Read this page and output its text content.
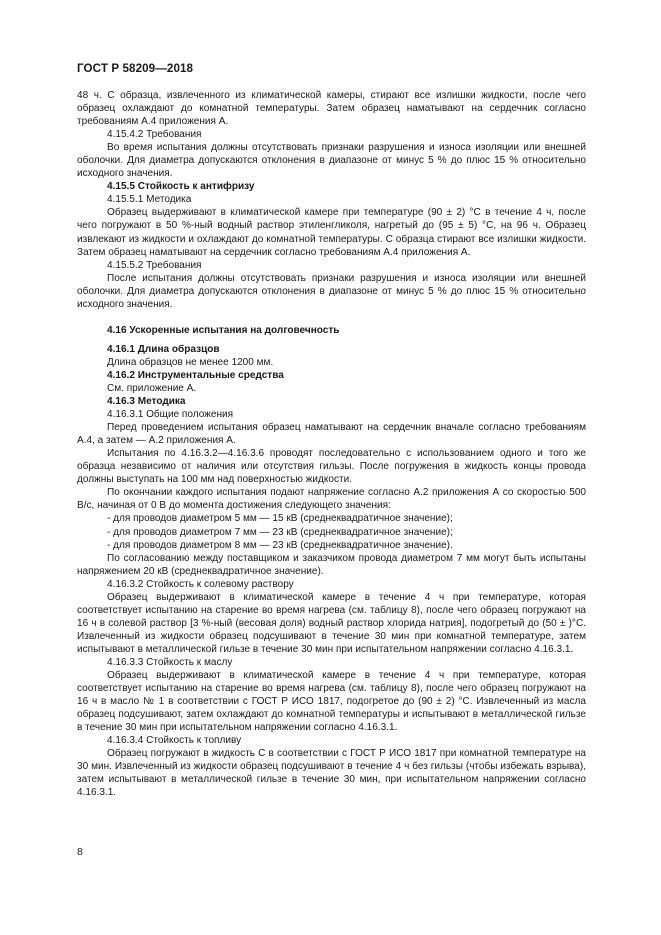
ГОСТ Р 58209—2018

48 ч. С образца, извлеченного из климатической камеры, стирают все излишки жидкости, после чего образец охлаждают до комнатной температуры. Затем образец наматывают на сердечник согласно требованиям А.4 приложения А.

4.15.4.2 Требования

Во время испытания должны отсутствовать признаки разрушения и износа изоляции или внешней оболочки. Для диаметра допускаются отклонения в диапазоне от минус 5 % до плюс 15 % относительно исходного значения.

4.15.5 Стойкость к антифризу

4.15.5.1 Методика

Образец выдерживают в климатической камере при температуре (90 ± 2) °С в течение 4 ч, после чего погружают в 50 %-ный водный раствор этиленгликоля, нагретый до (95 ± 5) °С, на 96 ч. Образец извлекают из жидкости и охлаждают до комнатной температуры. С образца стирают все излишки жидкости. Затем образец наматывают на сердечник согласно требованиям А.4 приложения А.

4.15.5.2 Требования

После испытания должны отсутствовать признаки разрушения и износа изоляции или внешней оболочки. Для диаметра допускаются отклонения в диапазоне от минус 5 % до плюс 15 % относительно исходного значения.

4.16 Ускоренные испытания на долговечность

4.16.1 Длина образцов

Длина образцов не менее 1200 мм.

4.16.2 Инструментальные средства

См. приложение А.

4.16.3 Методика

4.16.3.1 Общие положения

Перед проведением испытания образец наматывают на сердечник вначале согласно требованиям А.4, а затем — А.2 приложения А.

Испытания по 4.16.3.2—4.16.3.6 проводят последовательно с использованием одного и того же образца независимо от наличия или отсутствия гильзы. После погружения в жидкость концы провода должны выступать на 100 мм над поверхностью жидкости.

По окончании каждого испытания подают напряжение согласно А.2 приложения А со скоростью 500 В/с, начиная от 0 В до момента достижения следующего значения:

- для проводов диаметром 5 мм — 15 кВ (среднеквадратичное значение);

- для проводов диаметром 7 мм — 23 кВ (среднеквадратичное значение);

- для проводов диаметром 8 мм — 23 кВ (среднеквадратичное значение).

По согласованию между поставщиком и заказчиком провода диаметром 7 мм могут быть испытаны напряжением 20 кВ (среднеквадратичное значение).

4.16.3.2 Стойкость к солевому раствору

Образец выдерживают в климатической камере в течение 4 ч при температуре, которая соответствует испытанию на старение во время нагрева (см. таблицу 8), после чего образец погружают на 16 ч в солевой раствор [3 %-ный (весовая доля) водный раствор хлорида натрия], подогретый до (50 ± )°С. Извлеченный из жидкости образец подсушивают в течение 30 мин при комнатной температуре, затем испытывают в металлической гильзе в течение 30 мин при испытательном напряжении согласно 4.16.3.1.

4.16.3.3 Стойкость к маслу

Образец выдерживают в климатической камере в течение 4 ч при температуре, которая соответствует испытанию на старение во время нагрева (см. таблицу 8), после чего образец погружают на 16 ч в масло № 1 в соответствии с ГОСТ Р ИСО 1817, подогретое до (90 ± 2) °С. Извлеченный из масла образец подсушивают, затем охлаждают до комнатной температуры и испытывают в металлической гильзе в течение 30 мин при испытательном напряжении согласно 4.16.3.1.

4.16.3.4 Стойкость к топливу

Образец погружают в жидкость С в соответствии с ГОСТ Р ИСО 1817 при комнатной температуре на 30 мин. Извлеченный из жидкости образец подсушивают в течение 4 ч без гильзы (чтобы избежать взрыва), затем испытывают в металлической гильзе в течение 30 мин, при испытательном напряжении согласно 4.16.3.1.

8
